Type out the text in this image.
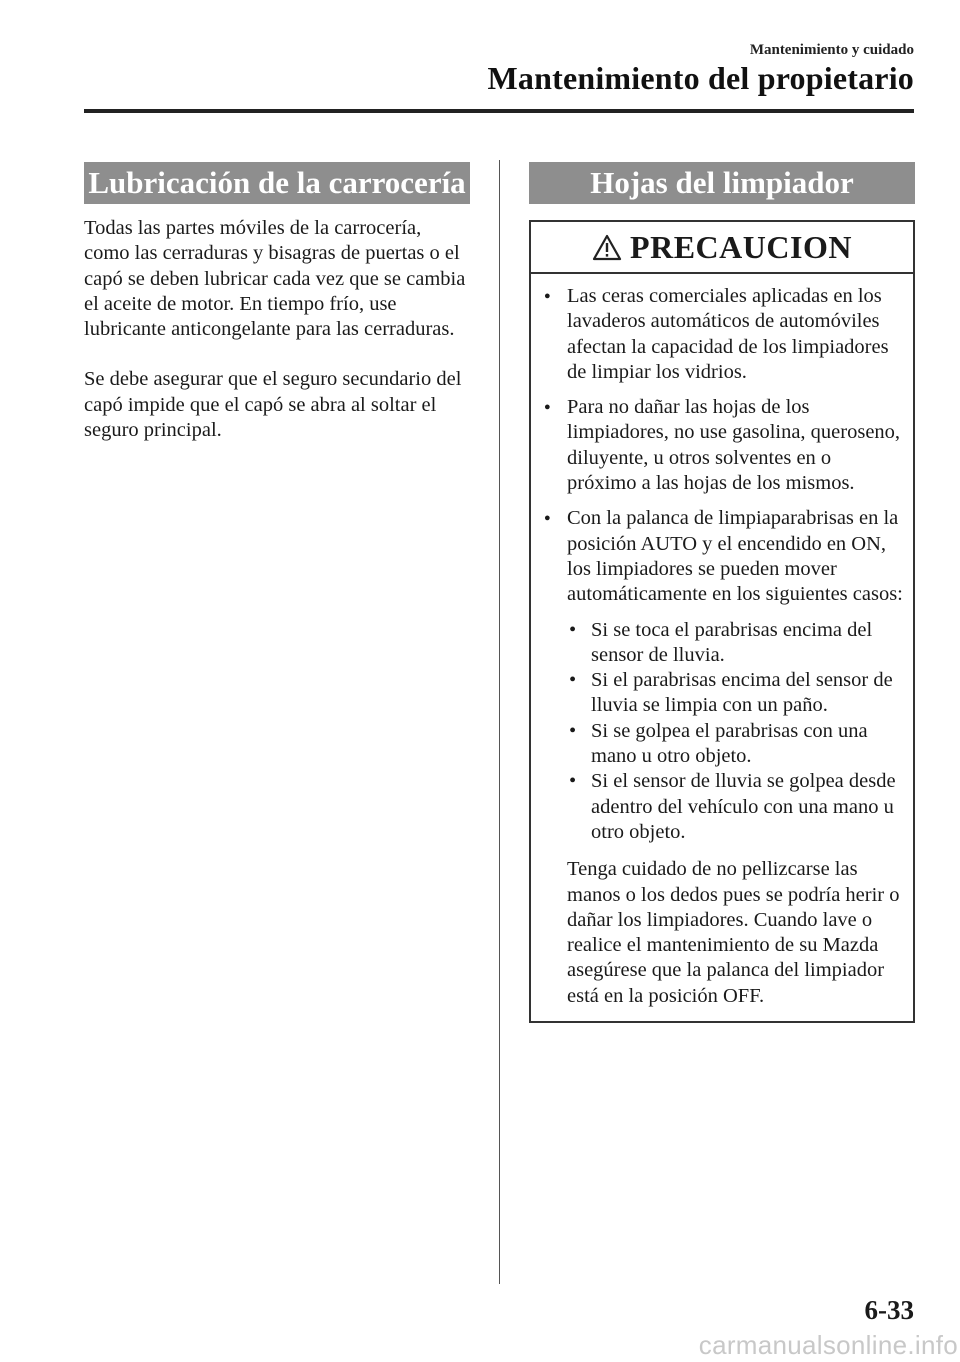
Mantenimiento y cuidado
Mantenimiento del propietario
Lubricación de la carrocería

Todas las partes móviles de la carrocería, como las cerraduras y bisagras de puertas o el capó se deben lubricar cada vez que se cambia el aceite de motor. En tiempo frío, use lubricante anticongelante para las cerraduras.

Se debe asegurar que el seguro secundario del capó impide que el capó se abra al soltar el seguro principal.

Hojas del limpiador
PRECAUCION
● Las ceras comerciales aplicadas en los lavaderos automáticos de automóviles afectan la capacidad de los limpiadores de limpiar los vidrios.
● Para no dañar las hojas de los limpiadores, no use gasolina, queroseno, diluyente, u otros solventes en o próximo a las hojas de los mismos.
● Con la palanca de limpiaparabrisas en la posición AUTO y el encendido en ON, los limpiadores se pueden mover automáticamente en los siguientes casos:
• Si se toca el parabrisas encima del sensor de lluvia.
• Si el parabrisas encima del sensor de lluvia se limpia con un paño.
• Si se golpea el parabrisas con una mano u otro objeto.
• Si el sensor de lluvia se golpea desde adentro del vehículo con una mano u otro objeto.
Tenga cuidado de no pellizcarse las manos o los dedos pues se podría herir o dañar los limpiadores. Cuando lave o realice el mantenimiento de su Mazda asegúrese que la palanca del limpiador está en la posición OFF.
6-33
carmanualsonline.info
